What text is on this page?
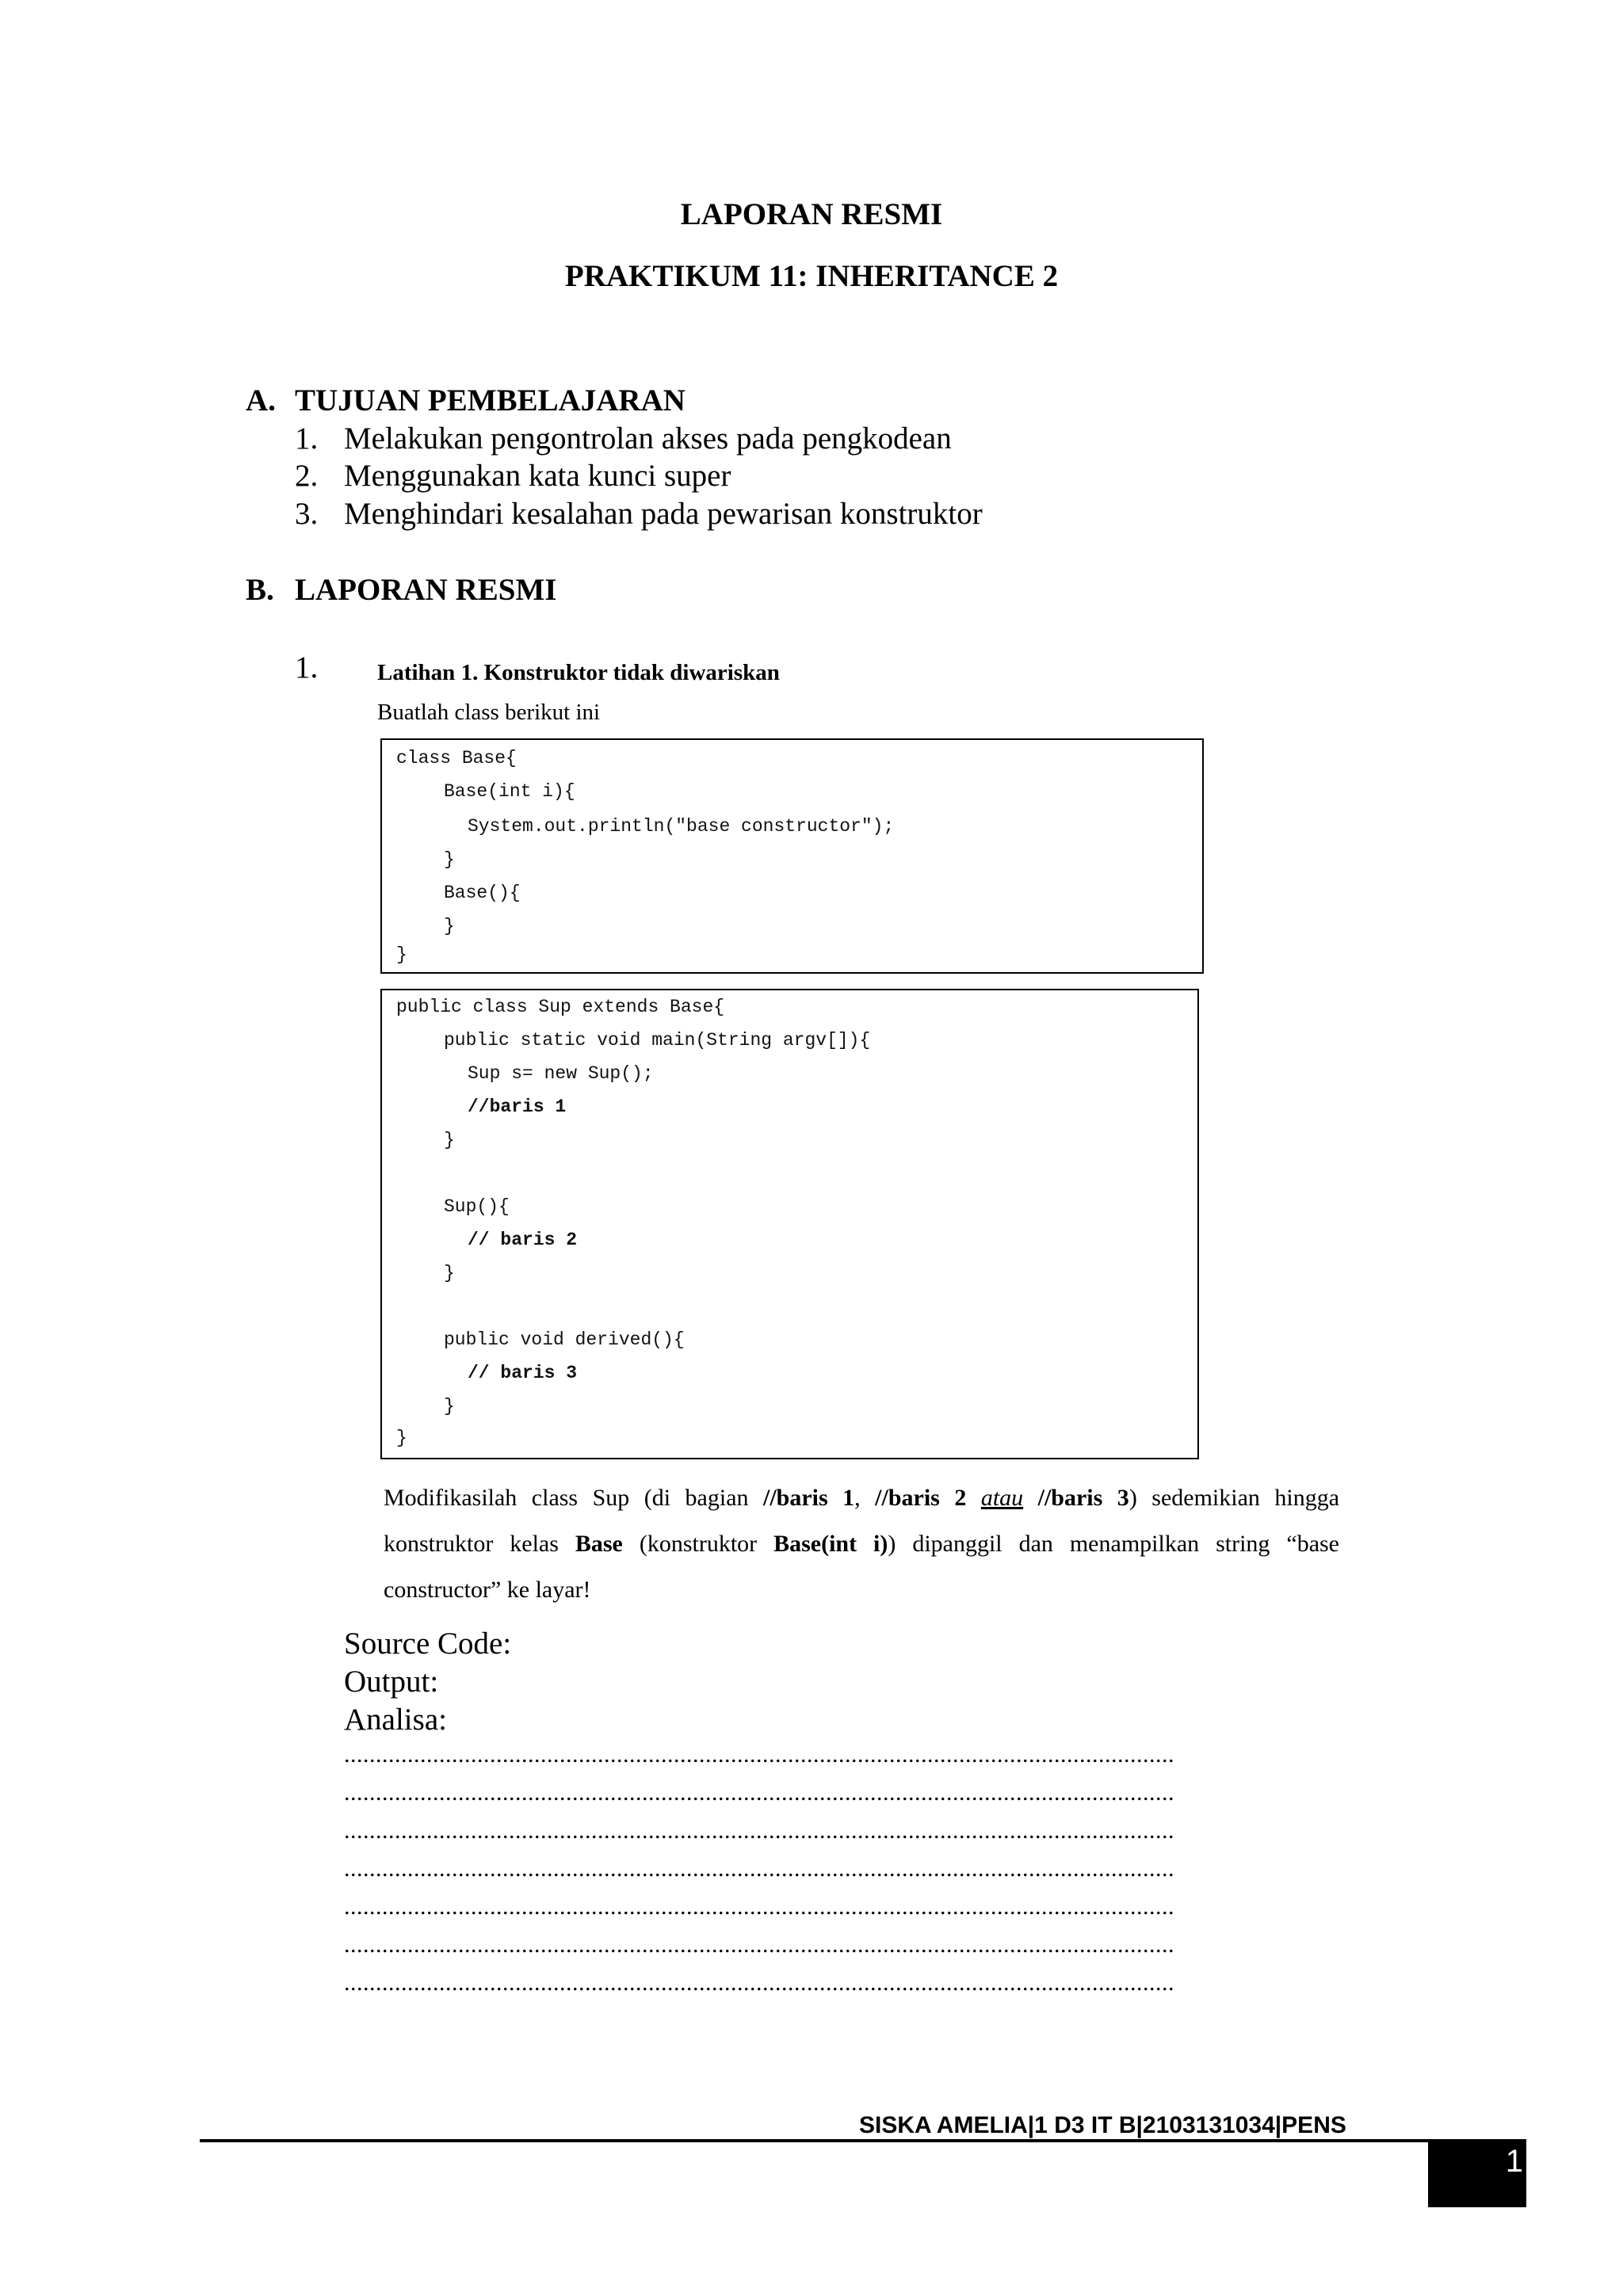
LAPORAN RESMI
PRAKTIKUM 11: INHERITANCE 2
A. TUJUAN PEMBELAJARAN
1. Melakukan pengontrolan akses pada pengkodean
2. Menggunakan kata kunci super
3. Menghindari kesalahan pada pewarisan konstruktor
B. LAPORAN RESMI
1.	Latihan 1. Konstruktor tidak diwariskan
Buatlah class berikut ini
class Base{
Base(int i){
System.out.println("base constructor");
}
Base(){
}
}
public class Sup extends Base{
public static void main(String argv[]){
Sup s= new Sup();
//baris 1
}
Sup(){
// baris 2
}
public void derived(){
// baris 3
}
}
Modifikasilah class Sup (di bagian //baris 1, //baris 2 atau //baris 3) sedemikian hingga konstruktor kelas Base (konstruktor Base(int i)) dipanggil dan menampilkan string “base constructor” ke layar!
Source Code:
Output:
Analisa:
...................................................................................................................................
...................................................................................................................................
...................................................................................................................................
...................................................................................................................................
...................................................................................................................................
...................................................................................................................................
...................................................................................................................................
SISKA AMELIA|1 D3 IT B|2103131034|PENS
1
